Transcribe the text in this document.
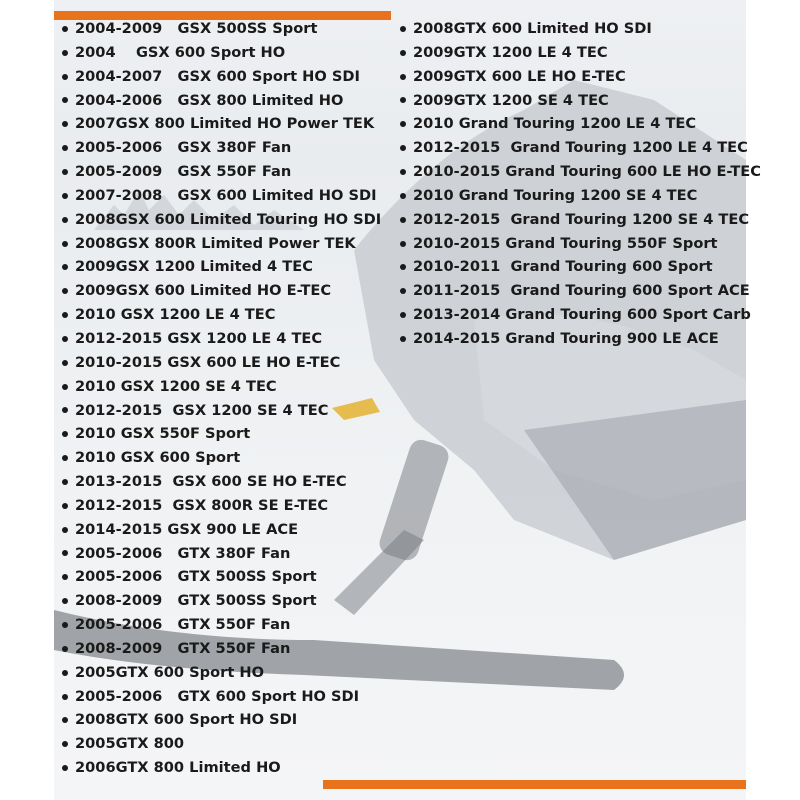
2004-2009   GSX 500SS Sport
2004    GSX 600 Sport HO
2004-2007   GSX 600 Sport HO SDI
2004-2006   GSX 800 Limited HO
2007GSX 800 Limited HO Power TEK
2005-2006   GSX 380F Fan
2005-2009   GSX 550F Fan
2007-2008   GSX 600 Limited HO SDI
2008GSX 600 Limited Touring HO SDI
2008GSX 800R Limited Power TEK
2009GSX 1200 Limited 4 TEC
2009GSX 600 Limited HO E-TEC
2010 GSX 1200 LE 4 TEC
2012-2015 GSX 1200 LE 4 TEC
2010-2015 GSX 600 LE HO E-TEC
2010 GSX 1200 SE 4 TEC
2012-2015  GSX 1200 SE 4 TEC
2010 GSX 550F Sport
2010 GSX 600 Sport
2013-2015  GSX 600 SE HO E-TEC
2012-2015  GSX 800R SE E-TEC
2014-2015 GSX 900 LE ACE
2005-2006   GTX 380F Fan
2005-2006   GTX 500SS Sport
2008-2009   GTX 500SS Sport
2005-2006   GTX 550F Fan
2008-2009   GTX 550F Fan
2005GTX 600 Sport HO
2005-2006   GTX 600 Sport HO SDI
2008GTX 600 Sport HO SDI
2005GTX 800
2006GTX 800 Limited HO
2008GTX 600 Limited HO SDI
2009GTX 1200 LE 4 TEC
2009GTX 600 LE HO E-TEC
2009GTX 1200 SE 4 TEC
2010 Grand Touring 1200 LE 4 TEC
2012-2015  Grand Touring 1200 LE 4 TEC
2010-2015 Grand Touring 600 LE HO E-TEC
2010 Grand Touring 1200 SE 4 TEC
2012-2015  Grand Touring 1200 SE 4 TEC
2010-2015 Grand Touring 550F Sport
2010-2011  Grand Touring 600 Sport
2011-2015  Grand Touring 600 Sport ACE
2013-2014 Grand Touring 600 Sport Carb
2014-2015 Grand Touring 900 LE ACE
